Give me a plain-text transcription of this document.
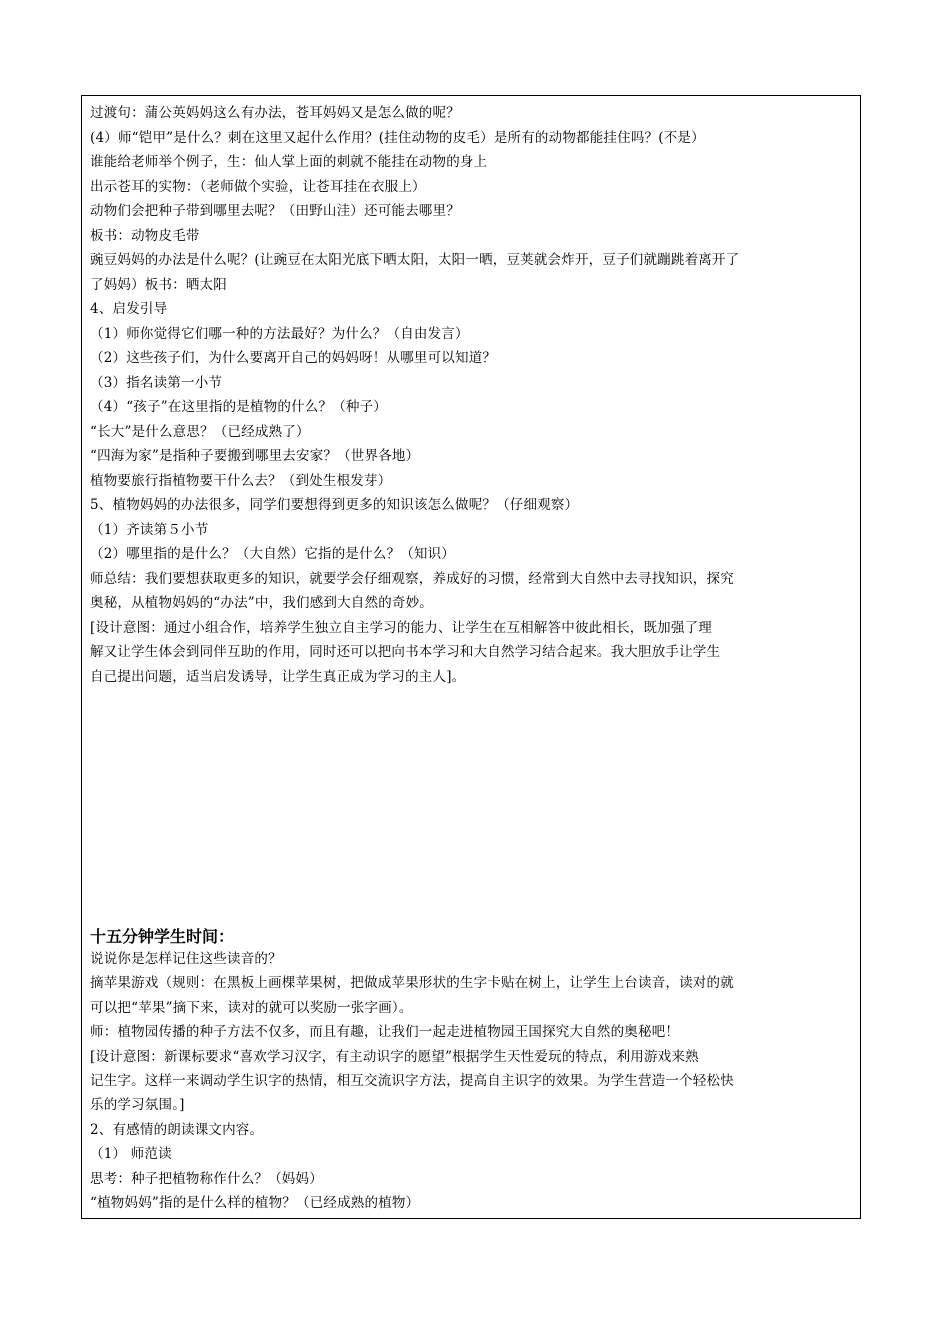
过渡句：蒲公英妈妈这么有办法，苍耳妈妈又是怎么做的呢？
(4）师“铠甲”是什么？刺在这里又起什么作用？(挂住动物的皮毛）是所有的动物都能挂住吗？(不是）
谁能给老师举个例子，生：仙人掌上面的刺就不能挂在动物的身上
出示苍耳的实物：（老师做个实验，让苍耳挂在衣服上）
动物们会把种子带到哪里去呢？（田野山洼）还可能去哪里？
板书：动物皮毛带
豌豆妈妈的办法是什么呢？(让豌豆在太阳光底下晒太阳，太阳一晒，豆荚就会炸开，豆子们就蹦跳着离开了
了妈妈）板书：晒太阳
4、启发引导
（1）师你觉得它们哪一种的方法最好？为什么？（自由发言）
（2）这些孩子们，为什么要离开自己的妈妈呀！从哪里可以知道？
（3）指名读第一小节
（4）“孩子”在这里指的是植物的什么？（种子）
“长大”是什么意思？（已经成熟了）
“四海为家”是指种子要搬到哪里去安家？（世界各地）
植物要旅行指植物要干什么去？（到处生根发芽）
5、植物妈妈的办法很多，同学们要想得到更多的知识该怎么做呢？（仔细观察）
（1）齐读第５小节
（2）哪里指的是什么？（大自然）它指的是什么？（知识）
师总结：我们要想获取更多的知识，就要学会仔细观察，养成好的习惯，经常到大自然中去寻找知识，探究
奥秘，从植物妈妈的“办法”中，我们感到大自然的奇妙。
[设计意图：通过小组合作，培养学生独立自主学习的能力、让学生在互相解答中彼此相长，既加强了理
解又让学生体会到同伴互助的作用，同时还可以把向书本学习和大自然学习结合起来。我大胆放手让学生
自己提出问题，适当启发诱导，让学生真正成为学习的主人]。
十五分钟学生时间：
说说你是怎样记住这些读音的？
摘苹果游戏（规则：在黑板上画棵苹果树，把做成苹果形状的生字卡贴在树上，让学生上台读音，读对的就
可以把“苹果”摘下来，读对的就可以奖励一张字画）。
师：植物园传播的种子方法不仅多，而且有趣，让我们一起走进植物园王国探究大自然的奥秘吧！
[设计意图：新课标要求“喜欢学习汉字，有主动识字的愿望”根据学生天性爱玩的特点，利用游戏来熟
记生字。这样一来调动学生识字的热情，相互交流识字方法，提高自主识字的效果。为学生营造一个轻松快
乐的学习氛围。]
2、有感情的朗读课文内容。
（1） 师范读
思考：种子把植物称作什么？（妈妈）
“植物妈妈”指的是什么样的植物？（已经成熟的植物）
